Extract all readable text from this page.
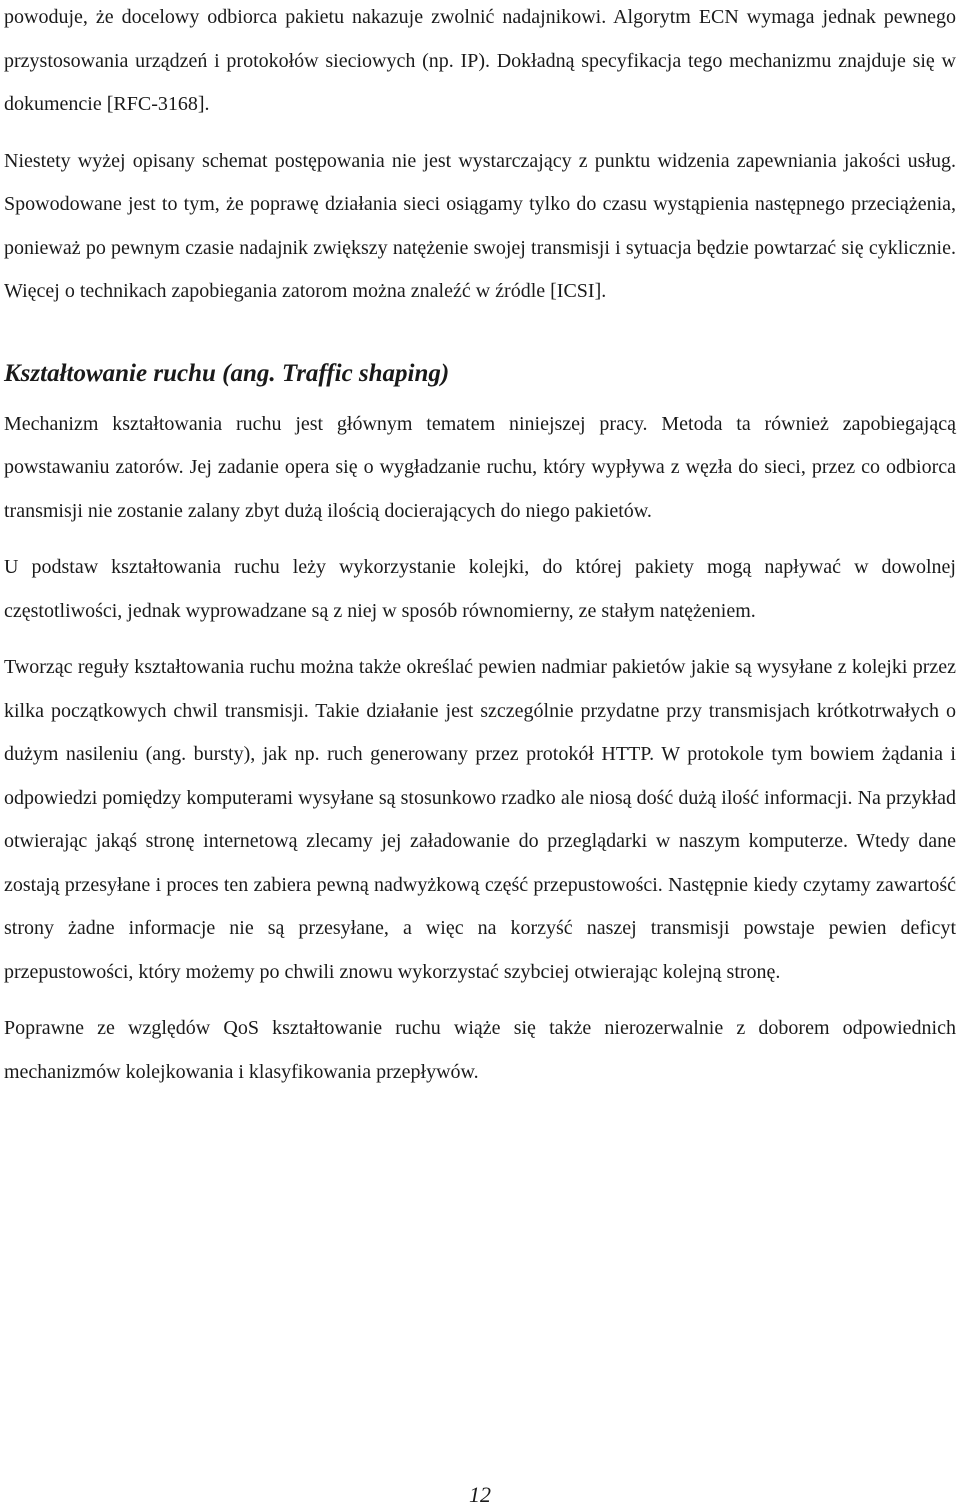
powoduje, że docelowy odbiorca pakietu nakazuje zwolnić nadajnikowi. Algorytm ECN wymaga jednak pewnego przystosowania urządzeń i protokołów sieciowych (np. IP). Dokładną specyfikacja tego mechanizmu znajduje się w dokumencie [RFC-3168].

Niestety wyżej opisany schemat postępowania nie jest wystarczający z punktu widzenia zapewniania jakości usług. Spowodowane jest to tym, że poprawę działania sieci osiągamy tylko do czasu wystąpienia następnego przeciążenia, ponieważ po pewnym czasie nadajnik zwiększy natężenie swojej transmisji i sytuacja będzie powtarzać się cyklicznie. Więcej o technikach zapobiegania zatorom można znaleźć w źródle [ICSI].

Kształtowanie ruchu (ang. Traffic shaping)

Mechanizm kształtowania ruchu jest głównym tematem niniejszej pracy. Metoda ta również zapobiegającą powstawaniu zatorów. Jej zadanie opera się o wygładzanie ruchu, który wypływa z węzła do sieci, przez co odbiorca transmisji nie zostanie zalany zbyt dużą ilością docierających do niego pakietów.

U podstaw kształtowania ruchu leży wykorzystanie kolejki, do której pakiety mogą napływać w dowolnej częstotliwości, jednak wyprowadzane są z niej w sposób równomierny, ze stałym natężeniem.

Tworząc reguły kształtowania ruchu można także określać pewien nadmiar pakietów jakie są wysyłane z kolejki przez kilka początkowych chwil transmisji. Takie działanie jest szczególnie przydatne przy transmisjach krótkotrwałych o dużym nasileniu (ang. bursty), jak np. ruch generowany przez protokół HTTP. W protokole tym bowiem żądania i odpowiedzi pomiędzy komputerami wysyłane są stosunkowo rzadko ale niosą dość dużą ilość informacji. Na przykład otwierając jakąś stronę internetową zlecamy jej załadowanie do przeglądarki w naszym komputerze. Wtedy dane zostają przesyłane i proces ten zabiera pewną nadwyżkową część przepustowości. Następnie kiedy czytamy zawartość strony żadne informacje nie są przesyłane, a więc na korzyść naszej transmisji powstaje pewien deficyt przepustowości, który możemy po chwili znowu wykorzystać szybciej otwierając kolejną stronę.

Poprawne ze względów QoS kształtowanie ruchu wiąże się także nierozerwalnie z doborem odpowiednich mechanizmów kolejkowania i klasyfikowania przepływów.

12
